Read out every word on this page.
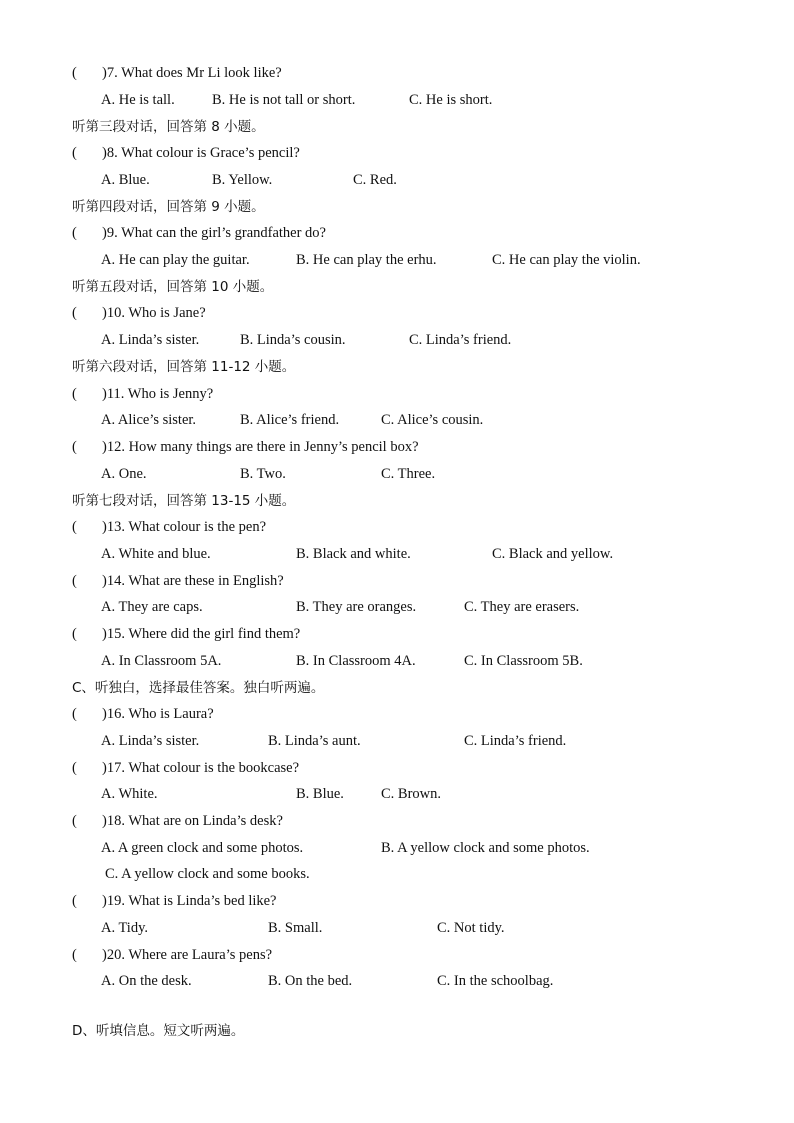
( )7. What does Mr Li look like?
A. He is tall.	B. He is not tall or short.	C. He is short.
听第三段对话，回答第 8 小题。
( )8. What colour is Grace’s pencil?
A. Blue.	B. Yellow.	C. Red.
听第四段对话，回答第 9 小题。
( )9. What can the girl’s grandfather do?
A. He can play the guitar.	B. He can play the erhu.	C. He can play the violin.
听第五段对话，回答第 10 小题。
( )10. Who is Jane?
A. Linda’s sister.	B. Linda’s cousin.	C. Linda’s friend.
听第六段对话，回答第 11-12 小题。
( )11. Who is Jenny?
A. Alice’s sister.	B. Alice’s friend.	C. Alice’s cousin.
( )12. How many things are there in Jenny’s pencil box?
A. One.	B. Two.	C. Three.
听第七段对话，回答第 13-15 小题。
( )13. What colour is the pen?
A. White and blue.	B. Black and white.	C. Black and yellow.
( )14. What are these in English?
A. They are caps.	B. They are oranges.	C. They are erasers.
( )15. Where did the girl find them?
A. In Classroom 5A.	B. In Classroom 4A.	C. In Classroom 5B.
C、听独白，选择最佳答案。独白听两遍。
( )16. Who is Laura?
A. Linda’s sister.	B. Linda’s aunt.	C. Linda’s friend.
( )17. What colour is the bookcase?
A. White.	B. Blue.	C. Brown.
( )18. What are on Linda’s desk?
A. A green clock and some photos.	B. A yellow clock and some photos.
C. A yellow clock and some books.
( )19. What is Linda’s bed like?
A. Tidy.	B. Small.	C. Not tidy.
( )20. Where are Laura’s pens?
A. On the desk.	B. On the bed.	C. In the schoolbag.
D、听填信息。短文听两遍。
